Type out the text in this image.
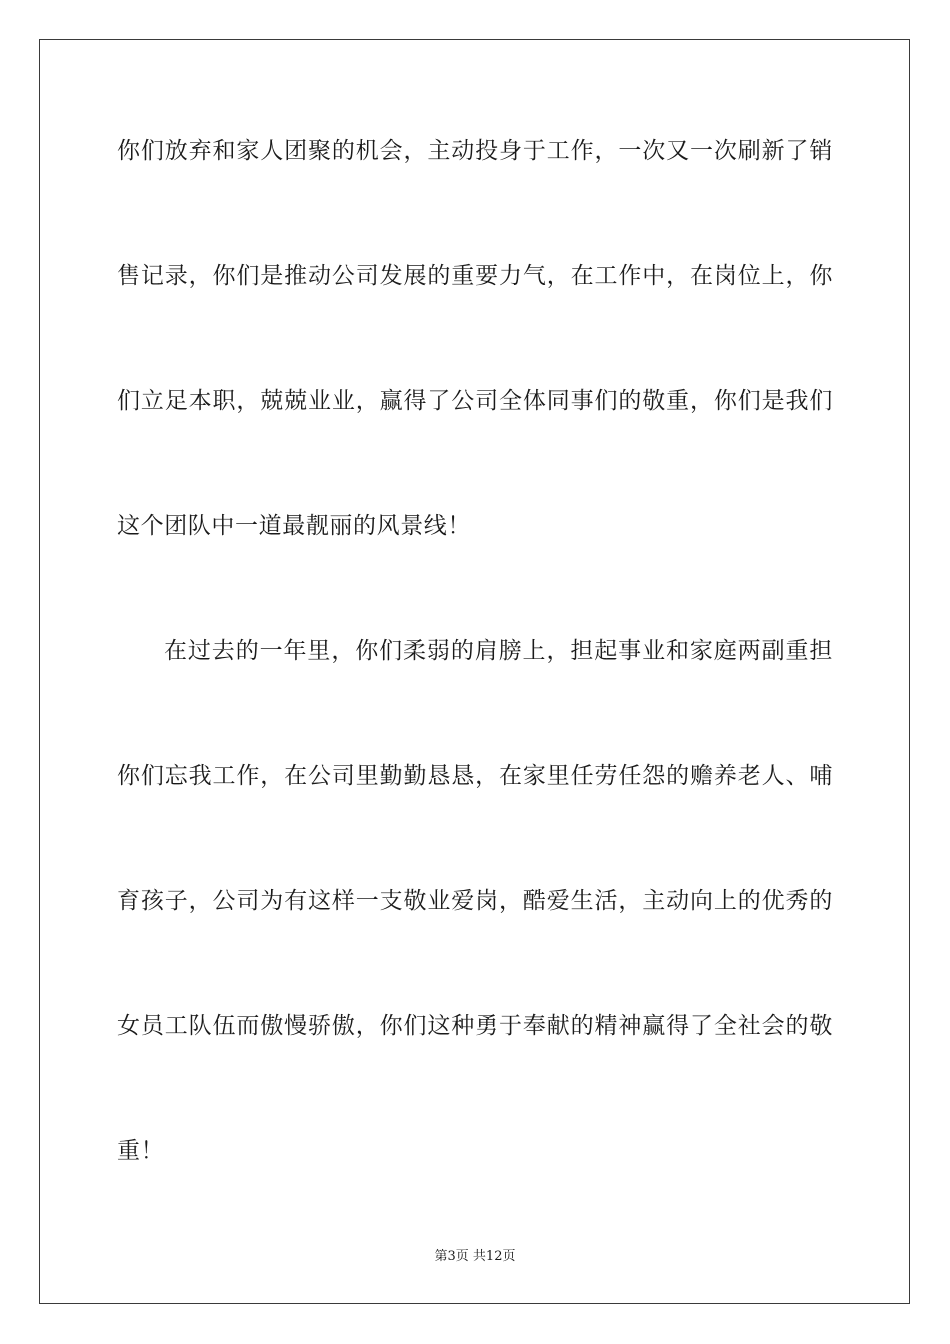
你们放弃和家人团聚的机会，主动投身于工作，一次又一次刷新了销
售记录，你们是推动公司发展的重要力气，在工作中，在岗位上，你
们立足本职，兢兢业业，赢得了公司全体同事们的敬重，你们是我们
这个团队中一道最靓丽的风景线！
在过去的一年里，你们柔弱的肩膀上，担起事业和家庭两副重担
你们忘我工作，在公司里勤勤恳恳，在家里任劳任怨的赡养老人、哺
育孩子，公司为有这样一支敬业爱岗，酷爱生活，主动向上的优秀的
女员工队伍而傲慢骄傲，你们这种勇于奉献的精神赢得了全社会的敬
重！
第3页 共12页
